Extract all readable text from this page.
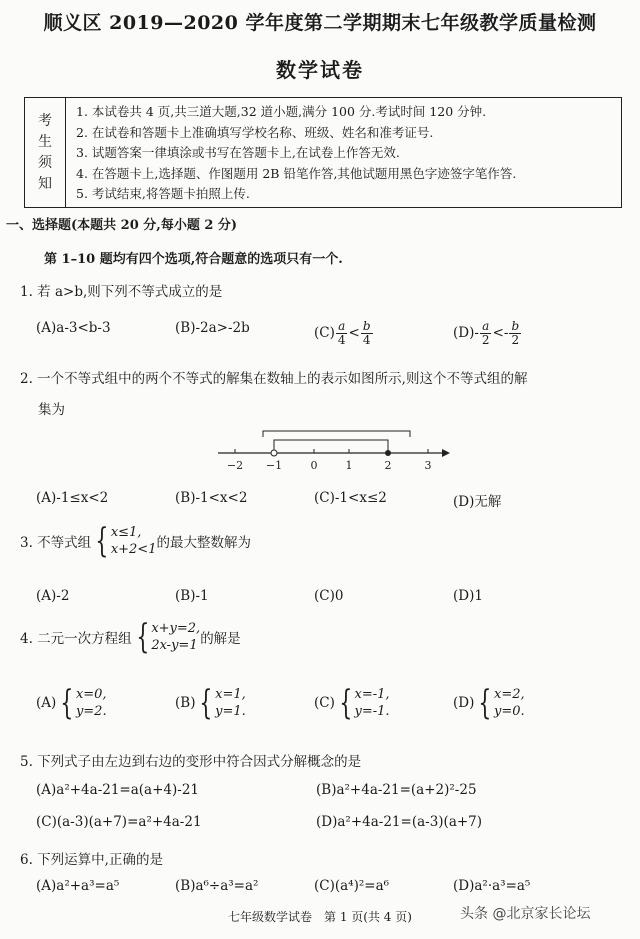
顺义区 2019—2020 学年度第二学期期末七年级教学质量检测
数学试卷
考
生
须
知
1. 本试卷共 4 页,共三道大题,32 道小题,满分 100 分.考试时间 120 分钟.
2. 在试卷和答题卡上准确填写学校名称、班级、姓名和准考证号.
3. 试题答案一律填涂或书写在答题卡上,在试卷上作答无效.
4. 在答题卡上,选择题、作图题用 2B 铅笔作答,其他试题用黑色字迹签字笔作答.
5. 考试结束,将答题卡拍照上传.
一、选择题(本题共 20 分,每小题 2 分)
第 1–10 题均有四个选项,符合题意的选项只有一个.
1. 若 a>b,则下列不等式成立的是
(A)a-3<b-3	(B)-2a>-2b	$(C) \frac{a}{4} < \frac{b}{4}$	$(D)- \frac{a}{2} <- \frac{b}{2}$
2. 一个不等式组中的两个不等式的解集在数轴上的表示如图所示,则这个不等式组的解
集为
−2 −1	0	1	2	3
(A)-1≤x<2	(B)-1<x<2	(C)-1<x≤2	(D)无解
3. 不等式组 { x≤1,
x+2<1 的最大整数解为
(A)-2	(B)-1	(C)0	(D)1
4. 二元一次方程组 { x+y=2,
2x-y=1 的解是
(A) { x=0,
y=2.
(B) { x=1,
y=1.
(C) { x=-1,
y=-1.
(D) { x=2,
y=0.
5. 下列式子由左边到右边的变形中符合因式分解概念的是
(A)a²+4a-21=a(a+4)-21	(B)a²+4a-21=(a+2)²-25
(C)(a-3)(a+7)=a²+4a-21	(D)a²+4a-21=(a-3)(a+7)
6. 下列运算中,正确的是
(A)a²+a³=a⁵	(B)a⁶÷a³=a²	(C)(a⁴)²=a⁶	(D)a²·a³=a⁵
七年级数学试卷　第 1 页(共 4 页)	头条 @北京家长论坛
